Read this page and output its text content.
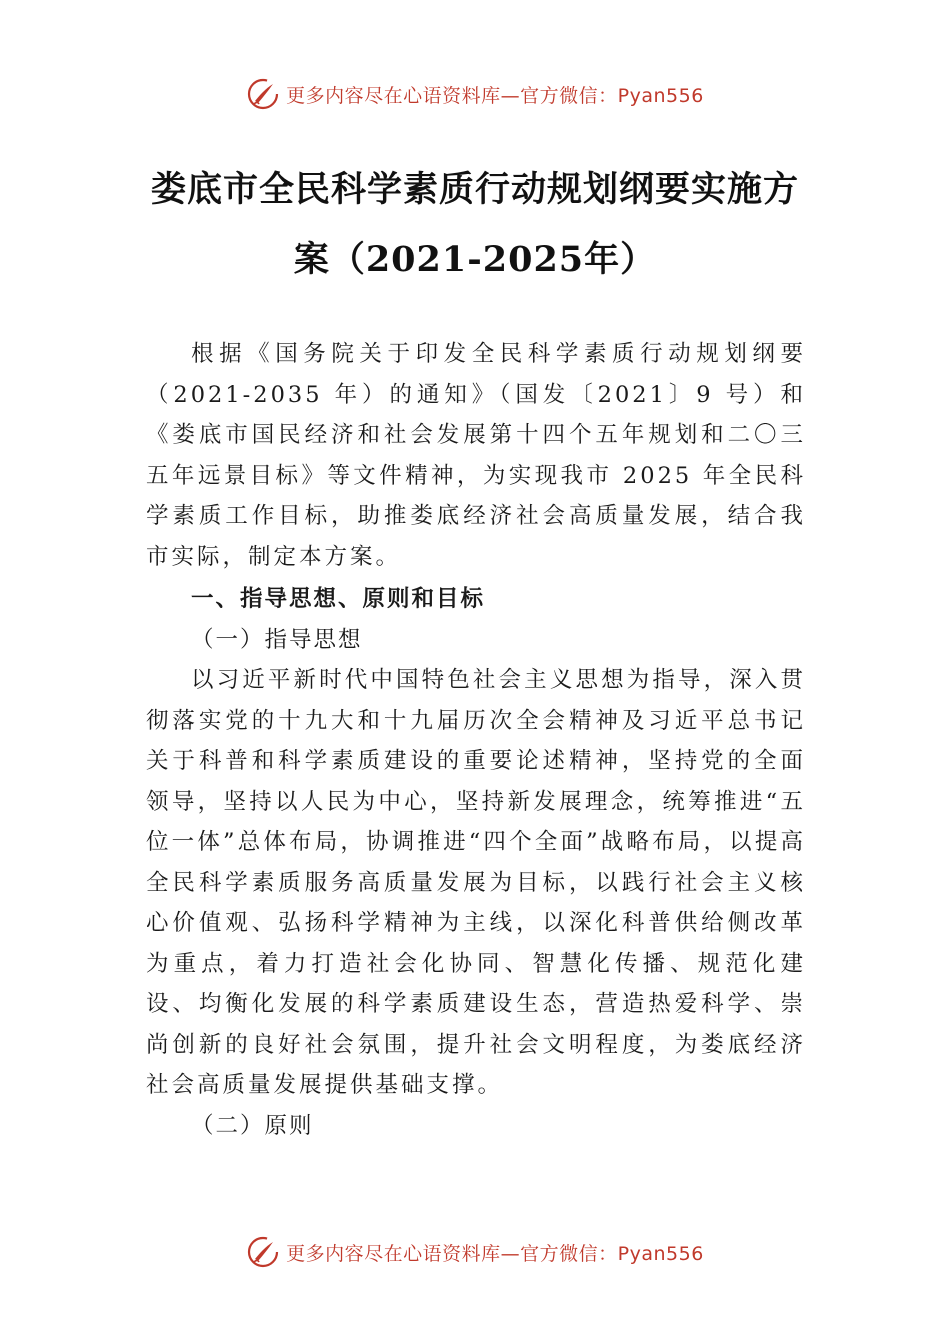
更多内容尽在心语资料库—官方微信：Pyan556
娄底市全民科学素质行动规划纲要实施方
案（2021-2025年）

根据《国务院关于印发全民科学素质行动规划纲要（2021-2035 年）的通知》（国发〔2021〕9 号）和《娄底市国民经济和社会发展第十四个五年规划和二〇三五年远景目标》等文件精神，为实现我市 2025 年全民科学素质工作目标，助推娄底经济社会高质量发展，结合我市实际，制定本方案。

一、指导思想、原则和目标

（一）指导思想

以习近平新时代中国特色社会主义思想为指导，深入贯彻落实党的十九大和十九届历次全会精神及习近平总书记关于科普和科学素质建设的重要论述精神，坚持党的全面领导，坚持以人民为中心，坚持新发展理念，统筹推进“五位一体”总体布局，协调推进“四个全面”战略布局，以提高全民科学素质服务高质量发展为目标，以践行社会主义核心价值观、弘扬科学精神为主线，以深化科普供给侧改革为重点，着力打造社会化协同、智慧化传播、规范化建设、均衡化发展的科学素质建设生态，营造热爱科学、崇尚创新的良好社会氛围，提升社会文明程度，为娄底经济社会高质量发展提供基础支撑。

（二）原则

更多内容尽在心语资料库—官方微信：Pyan556
